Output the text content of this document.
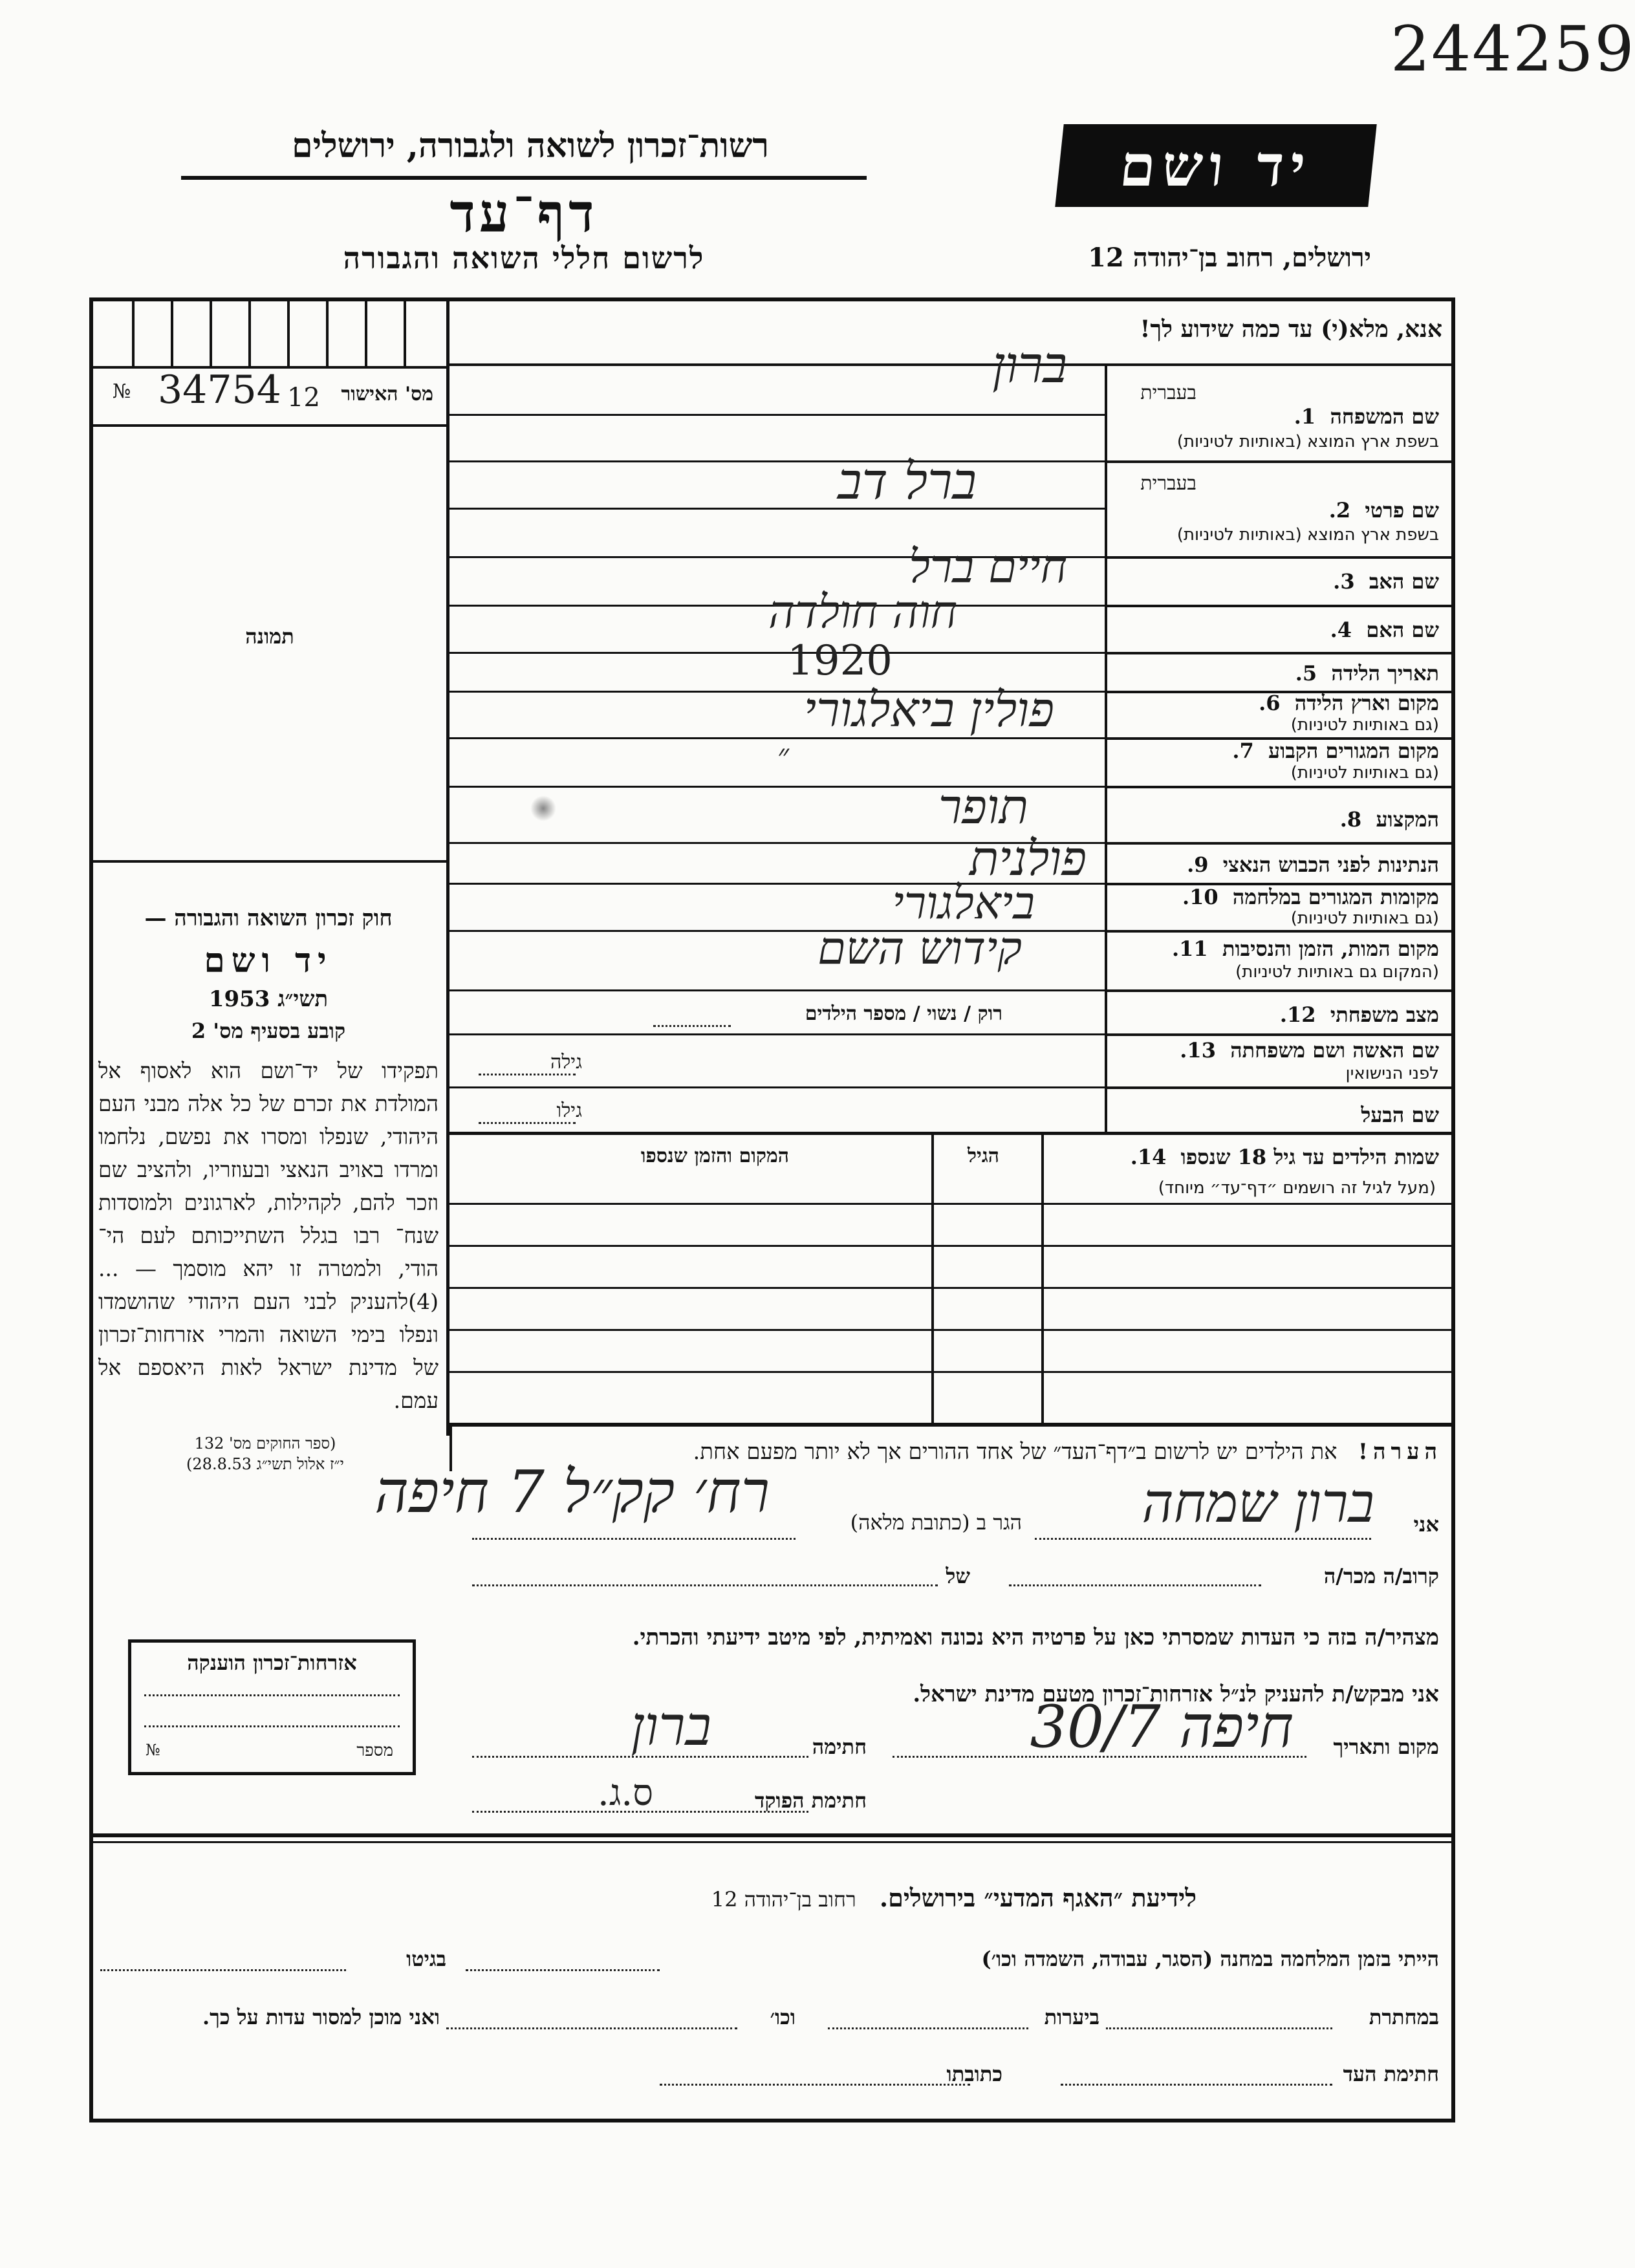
244259
רשות־זכרון לשואה ולגבורה, ירושלים
דף־עד
לרשום חללי השואה והגבורה
יד ושם
ירושלים, רחוב בן־יהודה 12
אנא, מלא(י) עד כמה שידוע לך!
№ 34754 12 מס' האישור
תמונה
חוק זכרון השואה והגבורה —
יד ושם
תשי״ג 1953
קובע בסעיף מס' 2
תפקידו של יד־ושם הוא לאסוף אל המולדת את זכרם של כל אלה מבני העם היהודי, שנפלו ומסרו את נפשם, נלחמו ומרדו באויב הנאצי ובעוזריו, ולהציב שם וזכר להם, לקהילות, לארגונים ולמוסדות שנח־ רבו בגלל השתייכותם לעם הי־ הודי, ולמטרה זו יהא מוסמך — ...(4)להעניק לבני העם היהודי שהושמדו ונפלו בימי השואה והמרי אזרחות־זכרון של מדינת ישראל לאות היאספם אל עמם.
(ספר החוקים מס' 132
י״ז אלול תשי״ג 28.8.53)
בעברית
שם המשפחה  1.
בשפת ארץ המוצא (באותיות לטיניות)
ברון
בעברית
שם פרטי  2.
בשפת ארץ המוצא (באותיות לטיניות)
ברל דב
שם האב  3.
חיים ברל
שם האם  4.
חוה חולדה
תאריך הלידה  5.
1920
מקום וארץ הלידה  6.
(גם באותיות לטיניות)
פולין ביאלגורי
מקום המגורים הקבוע  7.
(גם באותיות לטיניות)
״
המקצוע  8.
תופר
הנתינות לפני הכבוש הנאצי  9.
פולנית
מקומות המגורים במלחמה  10.
(גם באותיות לטיניות)
ביאלגורי
מקום המות, הזמן והנסיבות  11.
(המקום גם באותיות לטיניות)
קידוש השם
מצב משפחתי  12.
רוק / נשוי / מספר הילדים
שם האשה ושם משפחתה  13.
לפני הנישואין
גילה
שם הבעל
גילו
שמות הילדים עד גיל 18 שנספו  14.
(מעל לגיל זה רושמים ״דף־עד״ מיוחד)
הגיל
המקום והזמן שנספו
הערה!   את הילדים יש לרשום ב״דף־העד״ של אחד ההורים אך לא יותר מפעם אחת.
אני
ברון שמחה
הגר ב (כתובת מלאה)
רח׳ קק״ל 7 חיפה
קרוב/ה מכר/ה
של
מצהיר/ה בזה כי העדות שמסרתי כאן על פרטיה היא נכונה ואמיתית, לפי מיטב ידיעתי והכרתי.
אני מבקש/ת להעניק לנ״ל אזרחות־זכרון מטעם מדינת ישראל.
מקום ותאריך
חיפה 30/7
חתימה
ברון
חתימת הפוקד
ס.ג.
אזרחות־זכרון הוענקה
№	מספר
לידיעת ״האגף המדעי״ בירושלים.   רחוב בן־יהודה 12
הייתי בזמן המלחמה במחנה (הסגר, עבודה, השמדה וכו׳)
בגיטו
במחתרת
ביערות
וכו׳
ואני מוכן למסור עדות על כך.
חתימת העד
כתובתו
